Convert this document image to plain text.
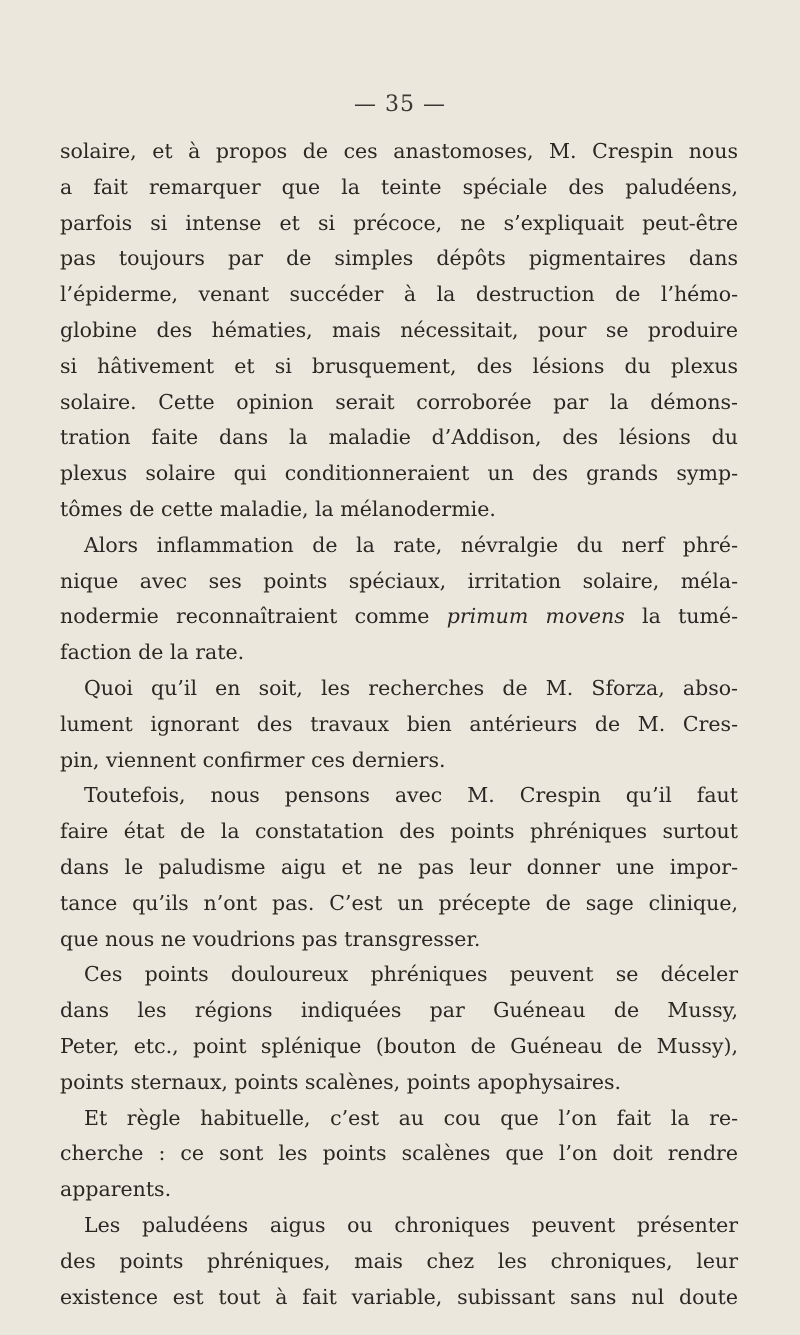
— 35 —
solaire, et à propos de ces anastomoses, M. Crespin nous
a fait remarquer que la teinte spéciale des paludéens,
parfois si intense et si précoce, ne s’expliquait peut-être
pas toujours par de simples dépôts pigmentaires dans
l’épiderme, venant succéder à la destruction de l’hémo-
globine des hématies, mais nécessitait, pour se produire
si hâtivement et si brusquement, des lésions du plexus
solaire. Cette opinion serait corroborée par la démons-
tration faite dans la maladie d’Addison, des lésions du
plexus solaire qui conditionneraient un des grands symp-
tômes de cette maladie, la mélanodermie.
Alors inflammation de la rate, névralgie du nerf phré-
nique avec ses points spéciaux, irritation solaire, méla-
nodermie reconnaîtraient comme primum movens la tumé-
faction de la rate.
Quoi qu’il en soit, les recherches de M. Sforza, abso-
lument ignorant des travaux bien antérieurs de M. Cres-
pin, viennent confirmer ces derniers.
Toutefois, nous pensons avec M. Crespin qu’il faut
faire état de la constatation des points phréniques surtout
dans le paludisme aigu et ne pas leur donner une impor-
tance qu’ils n’ont pas. C’est un précepte de sage clinique,
que nous ne voudrions pas transgresser.
Ces points douloureux phréniques peuvent se déceler
dans les régions indiquées par Guéneau de Mussy,
Peter, etc., point splénique (bouton de Guéneau de Mussy),
points sternaux, points scalènes, points apophysaires.
Et règle habituelle, c’est au cou que l’on fait la re-
cherche : ce sont les points scalènes que l’on doit rendre
apparents.
Les paludéens aigus ou chroniques peuvent présenter
des points phréniques, mais chez les chroniques, leur
existence est tout à fait variable, subissant sans nul doute
